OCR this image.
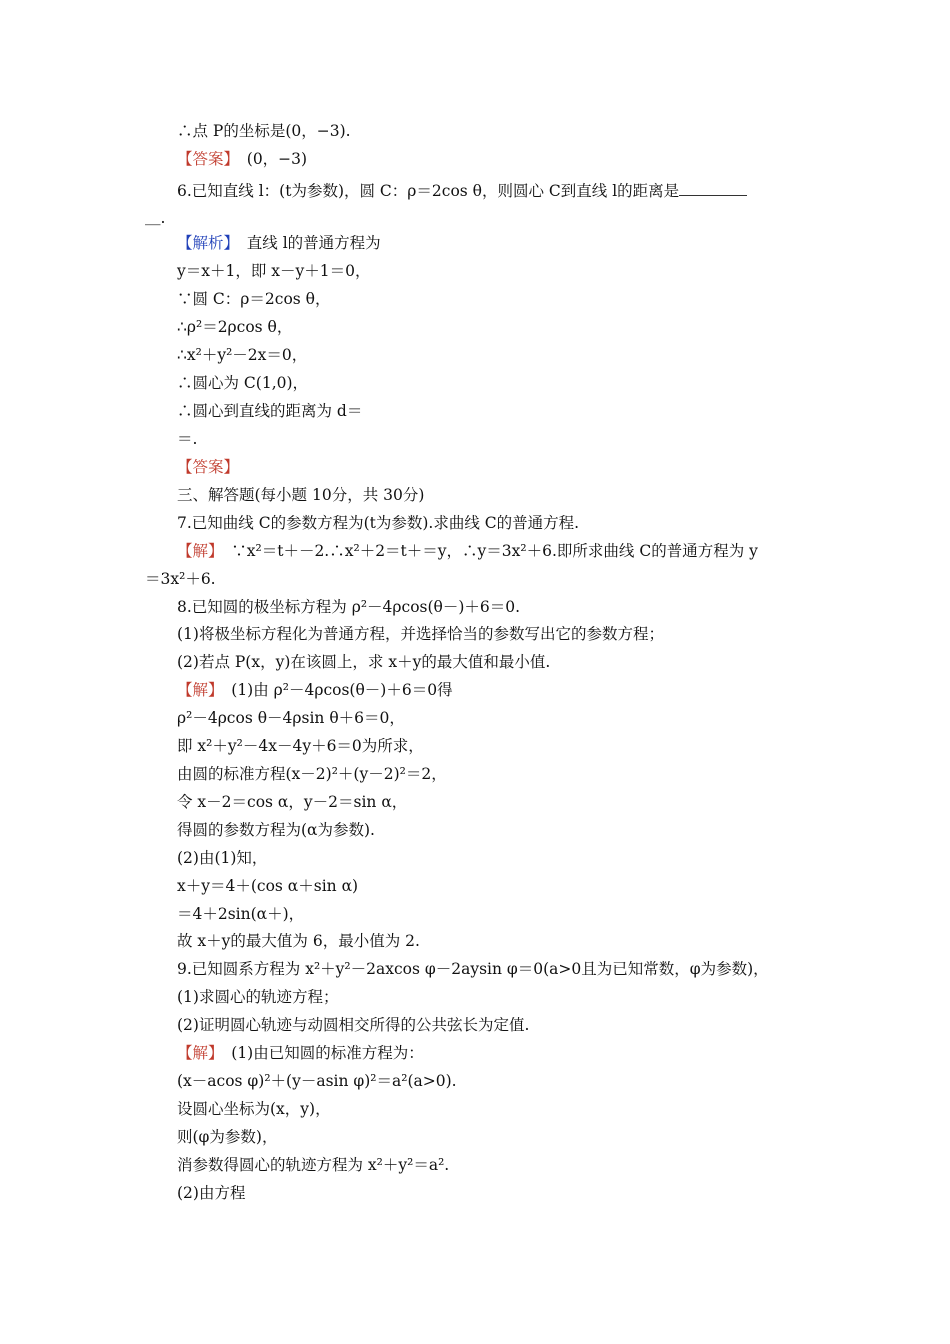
∴点 P的坐标是(0，−3).
【答案】　(0，−3)
6.已知直线 l：(t为参数)，圆 C：ρ＝2cos θ，则圆心 C到直线 l的距离是
＿.
【解析】　直线 l的普通方程为
y＝x＋1，即 x－y＋1＝0，
∵圆 C：ρ＝2cos θ，
∴ρ²＝2ρcos θ，
∴x²＋y²－2x＝0，
∴圆心为 C(1,0)，
∴圆心到直线的距离为 d＝
＝.
【答案】
三、解答题(每小题 10分，共 30分)
7.已知曲线 C的参数方程为(t为参数).求曲线 C的普通方程.
【解】　∵x²＝t＋－2.∴x²＋2＝t＋＝y，∴y＝3x²＋6.即所求曲线 C的普通方程为 y
＝3x²＋6.
8.已知圆的极坐标方程为 ρ²－4ρcos(θ－)＋6＝0.
(1)将极坐标方程化为普通方程，并选择恰当的参数写出它的参数方程；
(2)若点 P(x，y)在该圆上，求 x＋y的最大值和最小值.
【解】　(1)由 ρ²－4ρcos(θ－)＋6＝0得
ρ²－4ρcos θ－4ρsin θ＋6＝0，
即 x²＋y²－4x－4y＋6＝0为所求，
由圆的标准方程(x－2)²＋(y－2)²＝2，
令 x－2＝cos α，y－2＝sin α，
得圆的参数方程为(α为参数).
(2)由(1)知，
x＋y＝4＋(cos α＋sin α)
＝4＋2sin(α＋)，
故 x＋y的最大值为 6，最小值为 2.
9.已知圆系方程为 x²＋y²－2axcos φ－2aysin φ＝0(a>0且为已知常数，φ为参数)，
(1)求圆心的轨迹方程；
(2)证明圆心轨迹与动圆相交所得的公共弦长为定值.
【解】　(1)由已知圆的标准方程为：
(x－acos φ)²＋(y－asin φ)²＝a²(a>0).
设圆心坐标为(x，y)，
则(φ为参数)，
消参数得圆心的轨迹方程为 x²＋y²＝a².
(2)由方程
